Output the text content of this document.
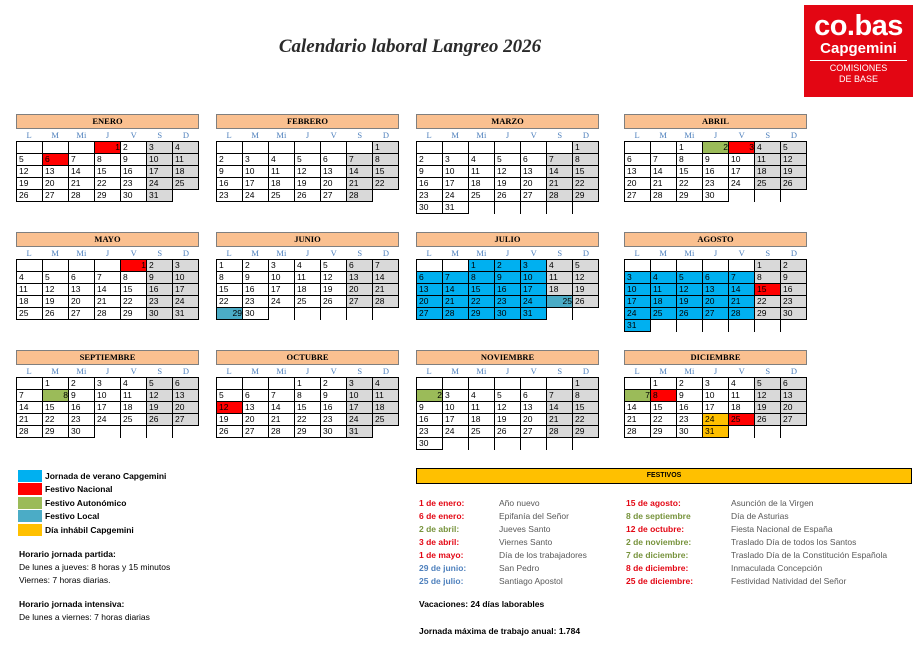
Calendario laboral Langreo 2026
co.bas
Capgemini
COMISIONES
DE BASE
ENERO
L	M	Mi	J	V	S	D
			1	2	3	4
5	6	7	8	9	10	11
12	13	14	15	16	17	18
19	20	21	22	23	24	25
26	27	28	29	30	31	
FEBRERO
L	M	Mi	J	V	S	D
						1
2	3	4	5	6	7	8
9	10	11	12	13	14	15
16	17	18	19	20	21	22
23	24	25	26	27	28	
MARZO
L	M	Mi	J	V	S	D
						1
2	3	4	5	6	7	8
9	10	11	12	13	14	15
16	17	18	19	20	21	22
23	24	25	26	27	28	29
30	31					
ABRIL
L	M	Mi	J	V	S	D
		1	2	3	4	5
6	7	8	9	10	11	12
13	14	15	16	17	18	19
20	21	22	23	24	25	26
27	28	29	30			
MAYO
L	M	Mi	J	V	S	D
				1	2	3
4	5	6	7	8	9	10
11	12	13	14	15	16	17
18	19	20	21	22	23	24
25	26	27	28	29	30	31
JUNIO
L	M	Mi	J	V	S	D
1	2	3	4	5	6	7
8	9	10	11	12	13	14
15	16	17	18	19	20	21
22	23	24	25	26	27	28
29	30					
JULIO
L	M	Mi	J	V	S	D
		1	2	3	4	5
6	7	8	9	10	11	12
13	14	15	16	17	18	19
20	21	22	23	24	25	26
27	28	29	30	31		
AGOSTO
L	M	Mi	J	V	S	D
					1	2
3	4	5	6	7	8	9
10	11	12	13	14	15	16
17	18	19	20	21	22	23
24	25	26	27	28	29	30
31						
SEPTIEMBRE
L	M	Mi	J	V	S	D
	1	2	3	4	5	6
7	8	9	10	11	12	13
14	15	16	17	18	19	20
21	22	23	24	25	26	27
28	29	30				
OCTUBRE
L	M	Mi	J	V	S	D
			1	2	3	4
5	6	7	8	9	10	11
12	13	14	15	16	17	18
19	20	21	22	23	24	25
26	27	28	29	30	31	
NOVIEMBRE
L	M	Mi	J	V	S	D
						1
2	3	4	5	6	7	8
9	10	11	12	13	14	15
16	17	18	19	20	21	22
23	24	25	26	27	28	29
30						
DICIEMBRE
L	M	Mi	J	V	S	D
	1	2	3	4	5	6
7	8	9	10	11	12	13
14	15	16	17	18	19	20
21	22	23	24	25	26	27
28	29	30	31			
Jornada de verano Capgemini
Festivo Nacional
Festivo Autonómico
Festivo Local
Día inhábil Capgemini
Horario jornada partida:
De lunes a jueves: 8 horas y 15 minutos
Viernes: 7 horas diarias.
Horario jornada intensiva:
De lunes a viernes: 7 horas diarias
FESTIVOS
1 de enero:	Año nuevo
6 de enero:	Epifanía del Señor
2 de abril:	Jueves Santo
3 de abril:	Viernes Santo
1 de mayo:	Día de los trabajadores
29 de junio:	San Pedro
25 de julio:	Santiago Apostol
15 de agosto:	Asunción de la Virgen
8 de septiembre	Día de Asturias
12 de octubre:	Fiesta Nacional de España
2 de noviembre:	Traslado Día de todos los Santos
7 de diciembre:	Traslado Día de la Constitución Española
8 de diciembre:	Inmaculada Concepción
25 de diciembre:	Festividad Natividad del Señor
Vacaciones: 24 días laborables
Jornada máxima de trabajo anual: 1.784
